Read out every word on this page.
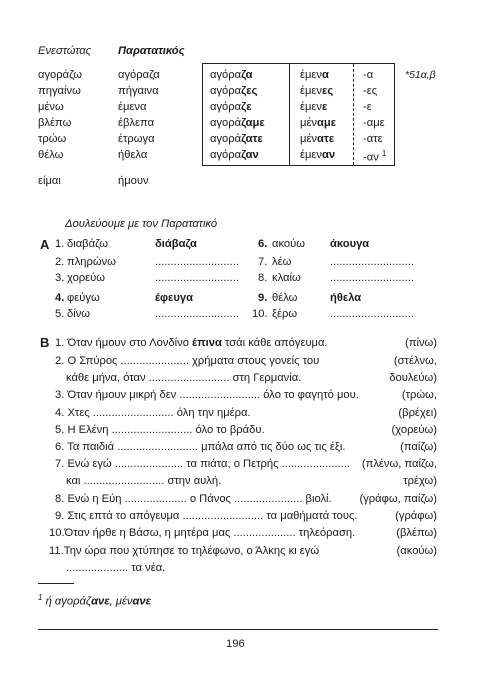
Ενεστώτας Παρατατικός
αγοράζω	αγόραζα
πηγαίνω	πήγαινα
μένω	έμενα
βλέπω	έβλεπα
τρώω	έτρωγα
θέλω	ήθελα
είμαι	ήμουν
αγόραζα	έμενα	-α
αγόραζες	έμενες	-ες
αγόραζε	έμενε	-ε
αγοράζαμε	μέναμε -αμε
αγοράζατε	μένατε	-ατε
αγόραζαν	έμεναν -αν $^1$
*51α,β
Δουλεύουμε με τον Παρατατικό
Α 1. διαβάζω	διάβαζα	6. ακούω άκουγα
2. πληρώνω	........................... 7. λέω	...........................
3. χορεύω	........................... 8. κλαίω	...........................
4. φεύγω	έφευγα	9. θέλω	ήθελα
5. δίνω	........................... 10. ξέρω	...........................
Β 1. Όταν ήμουν στο Λονδίνο έπινα τσάι κάθε απόγευμα.	(πίνω)
2. Ο Σπύρος ...................... χρήματα στους γονείς του	(στέλνω,
κάθε μήνα, όταν .......................... στη Γερμανία.	δουλεύω)
3. Όταν ήμουν μικρή δεν .......................... όλο το φαγητό μου.	(τρώω,
4. Χτες .......................... όλη την ημέρα.	(βρέχει)
5. Η Ελένη .......................... όλο το βράδυ.	(χορεύω)
6. Τα παιδιά .......................... μπάλα από τις δύο ως τις έξι.	(παίζω)
7. Ενώ εγώ ...................... τα πιάτα, ο Πετρής ...................... (πλένω, παίζω,
και .......................... στην αυλή.	τρέχω)
8. Ενώ η Εύη .................... ο Πάνος ...................... βιολί. (γράφω, παίζω)
9. Στις επτά το απόγευμα .......................... τα μαθήματά τους.	(γράφω)
10.Όταν ήρθε η Βάσω, η μητέρα μας .................... τηλεόραση.	(βλέπω)
11.Την ώρα που χτύπησε το τηλέφωνο, ο Άλκης κι εγώ	(ακούω)
.................... τα νέα.
$^1$ ή αγοράζανε, μένανε
196
